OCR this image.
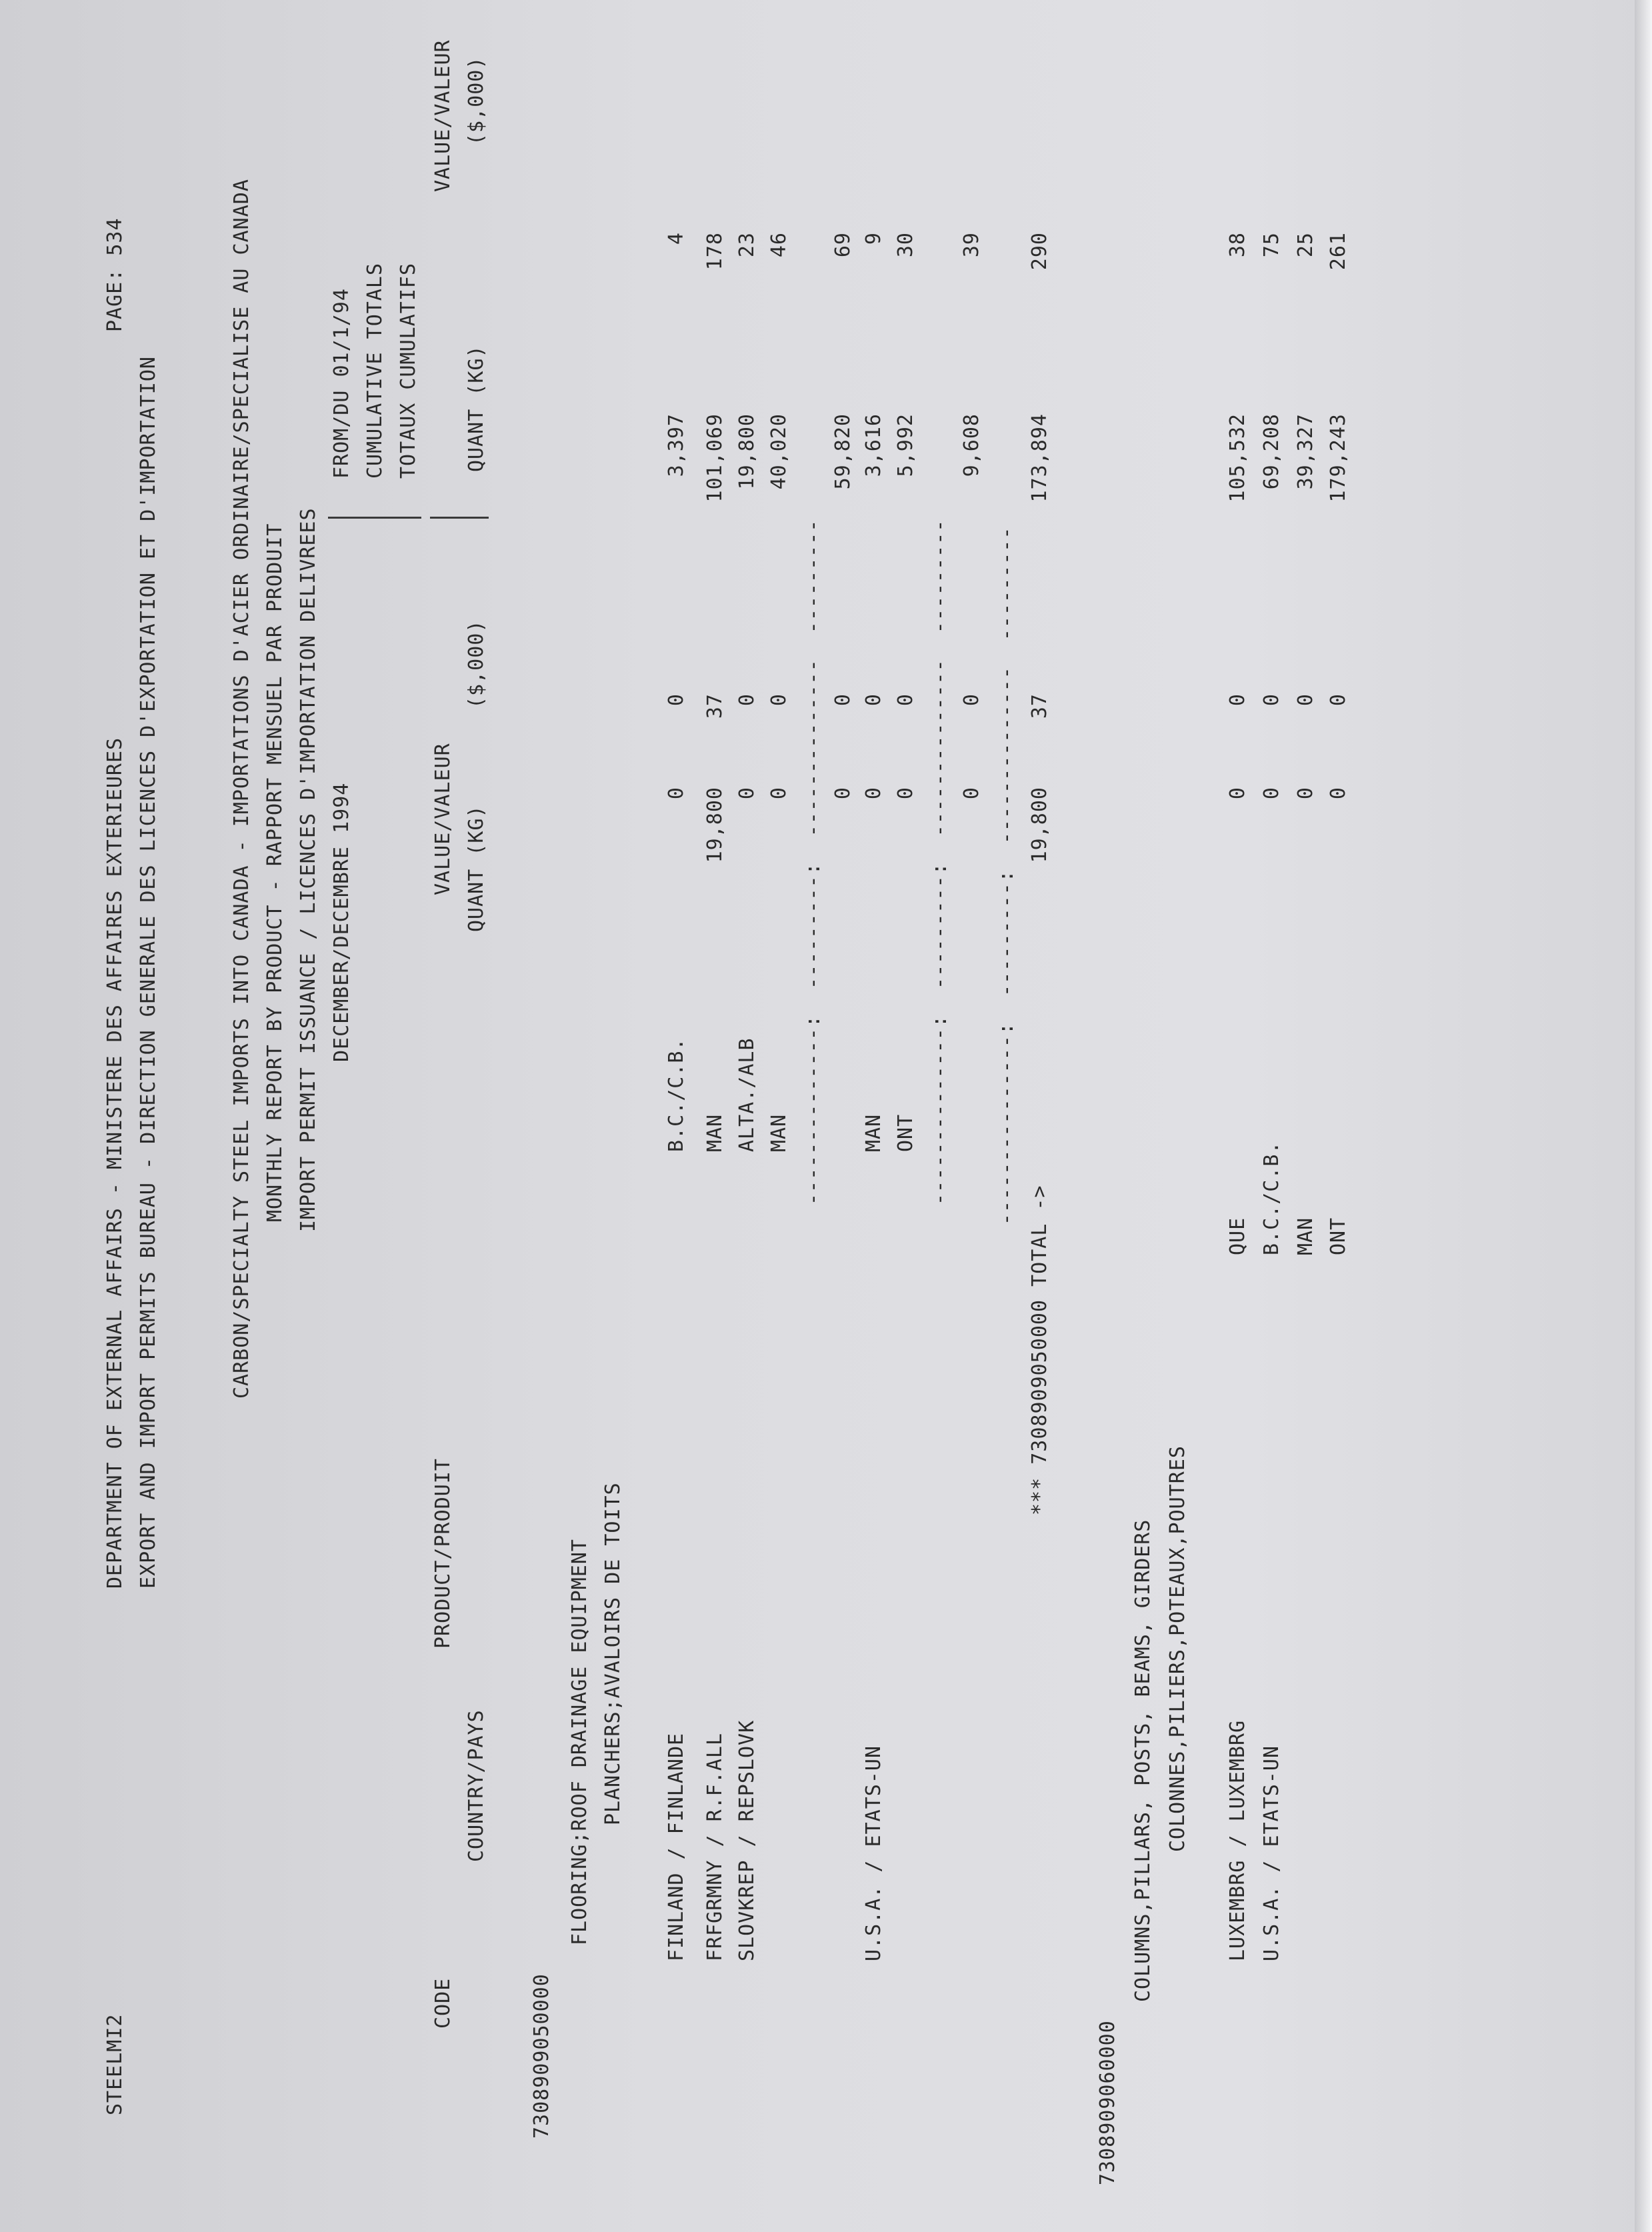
STEELMI2
DEPARTMENT OF EXTERNAL AFFAIRS - MINISTERE DES AFFAIRES EXTERIEURES
PAGE: 534
EXPORT AND IMPORT PERMITS BUREAU - DIRECTION GENERALE DES LICENCES D'EXPORTATION ET D'IMPORTATION	CARBON/SPECIALTY STEEL IMPORTS INTO CANADA - IMPORTATIONS D'ACIER ORDINAIRE/SPECIALISE AU CANADA MONTHLY REPORT BY PRODUCT - RAPPORT MENSUEL PAR PRODUIT IMPORT PERMIT ISSUANCE / LICENCES D'IMPORTATION DELIVREES DECEMBER/DECEMBRE 1994
FROM/DU 01/1/94 CUMULATIVE TOTALS TOTAUX CUMULATIFS
CODE
PRODUCT/PRODUIT
COUNTRY/PAYS
VALUE/VALEUR QUANT (KG)
($,000)
QUANT (KG)
VALUE/VALEUR ($,000)
7308909050000
FLOORING;ROOF DRAINAGE EQUIPMENT PLANCHERS;AVALOIRS DE TOITS
FINLAND / FINLANDE
B.C./C.B.
0
0
3,397
4
FRFGRMNY / R.F.ALL
MAN
19,800
37
101,069
178
SLOVKREP / REPSLOVK
ALTA./ALB
0
0
19,800
23
MAN
0
0
40,020
46
--------------:  ---------:  --------------  --------- 0
0
59,820
69
U.S.A. / ETATS-UN
MAN
0
0
3,616
9
ONT
0
0
5,992
30
--------------:  ---------:  --------------  --------- 0
0
9,608
39
---------------:  ---------:  --------------  ---------
*** 7308909050000 TOTAL ->
19,800
37
173,894
290
7308909060000
COLUMNS,PILLARS, POSTS, BEAMS, GIRDERS COLONNES,PILIERS,POTEAUX,POUTRES LUXEMBRG / LUXEMBRG
QUE
0
0
105,532
38
U.S.A. / ETATS-UN
B.C./C.B.
0
0
69,208
75
MAN
0
0
39,327
25
ONT
0
0
179,243
261
